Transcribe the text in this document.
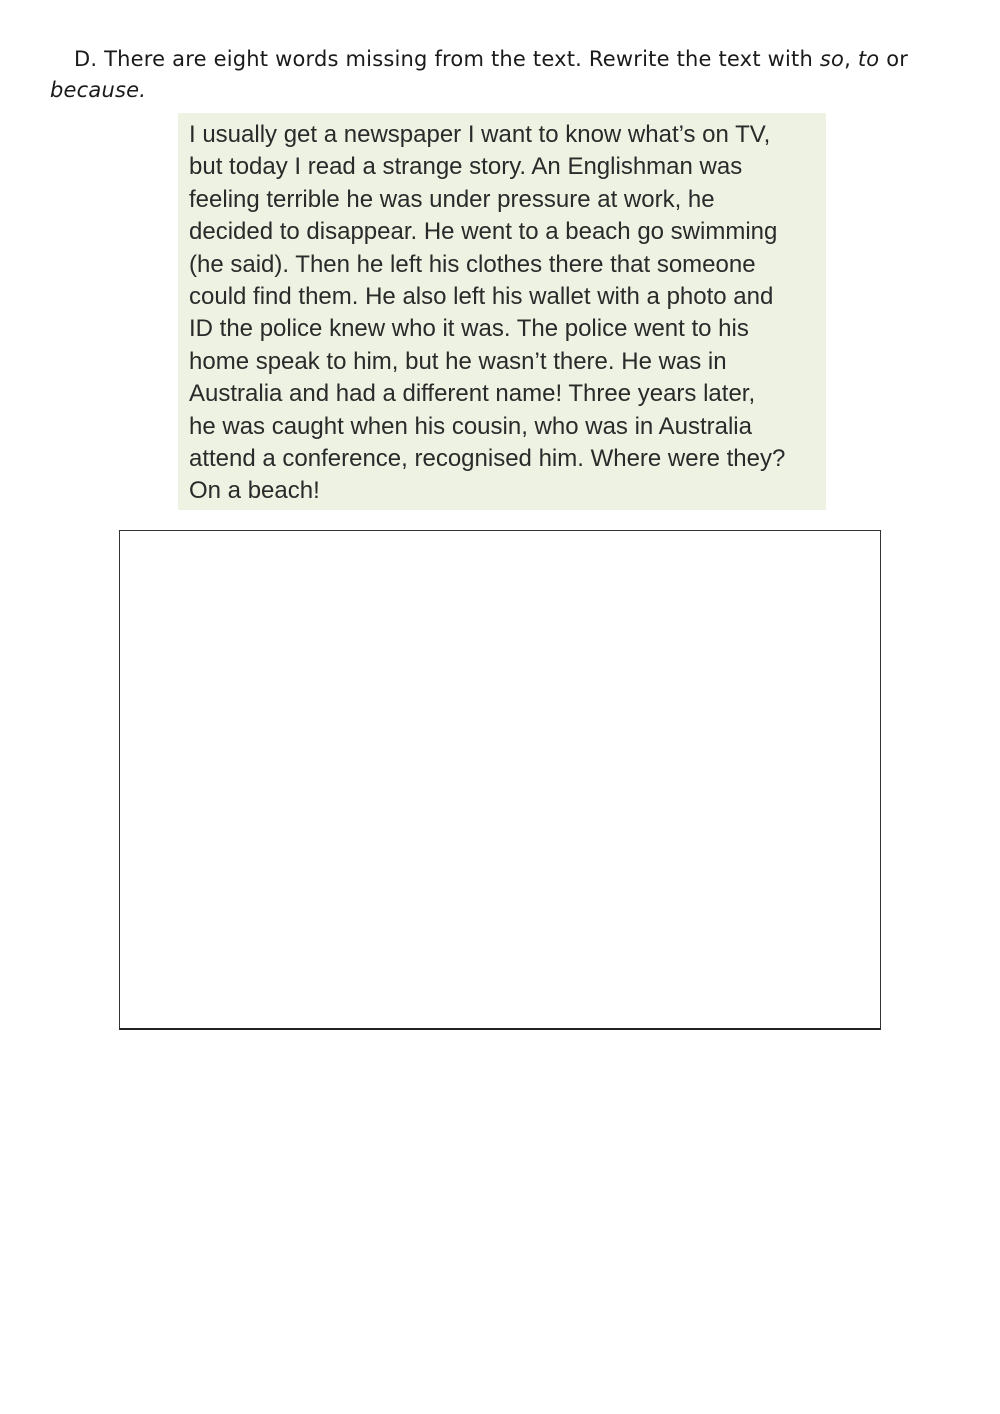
D. There are eight words missing from the text. Rewrite the text with so, to or because.

I usually get a newspaper I want to know what’s on TV,
but today I read a strange story. An Englishman was
feeling terrible he was under pressure at work, he
decided to disappear. He went to a beach go swimming
(he said). Then he left his clothes there that someone
could find them. He also left his wallet with a photo and
ID the police knew who it was. The police went to his
home speak to him, but he wasn’t there. He was in
Australia and had a different name! Three years later,
he was caught when his cousin, who was in Australia
attend a conference, recognised him. Where were they?
On a beach!
